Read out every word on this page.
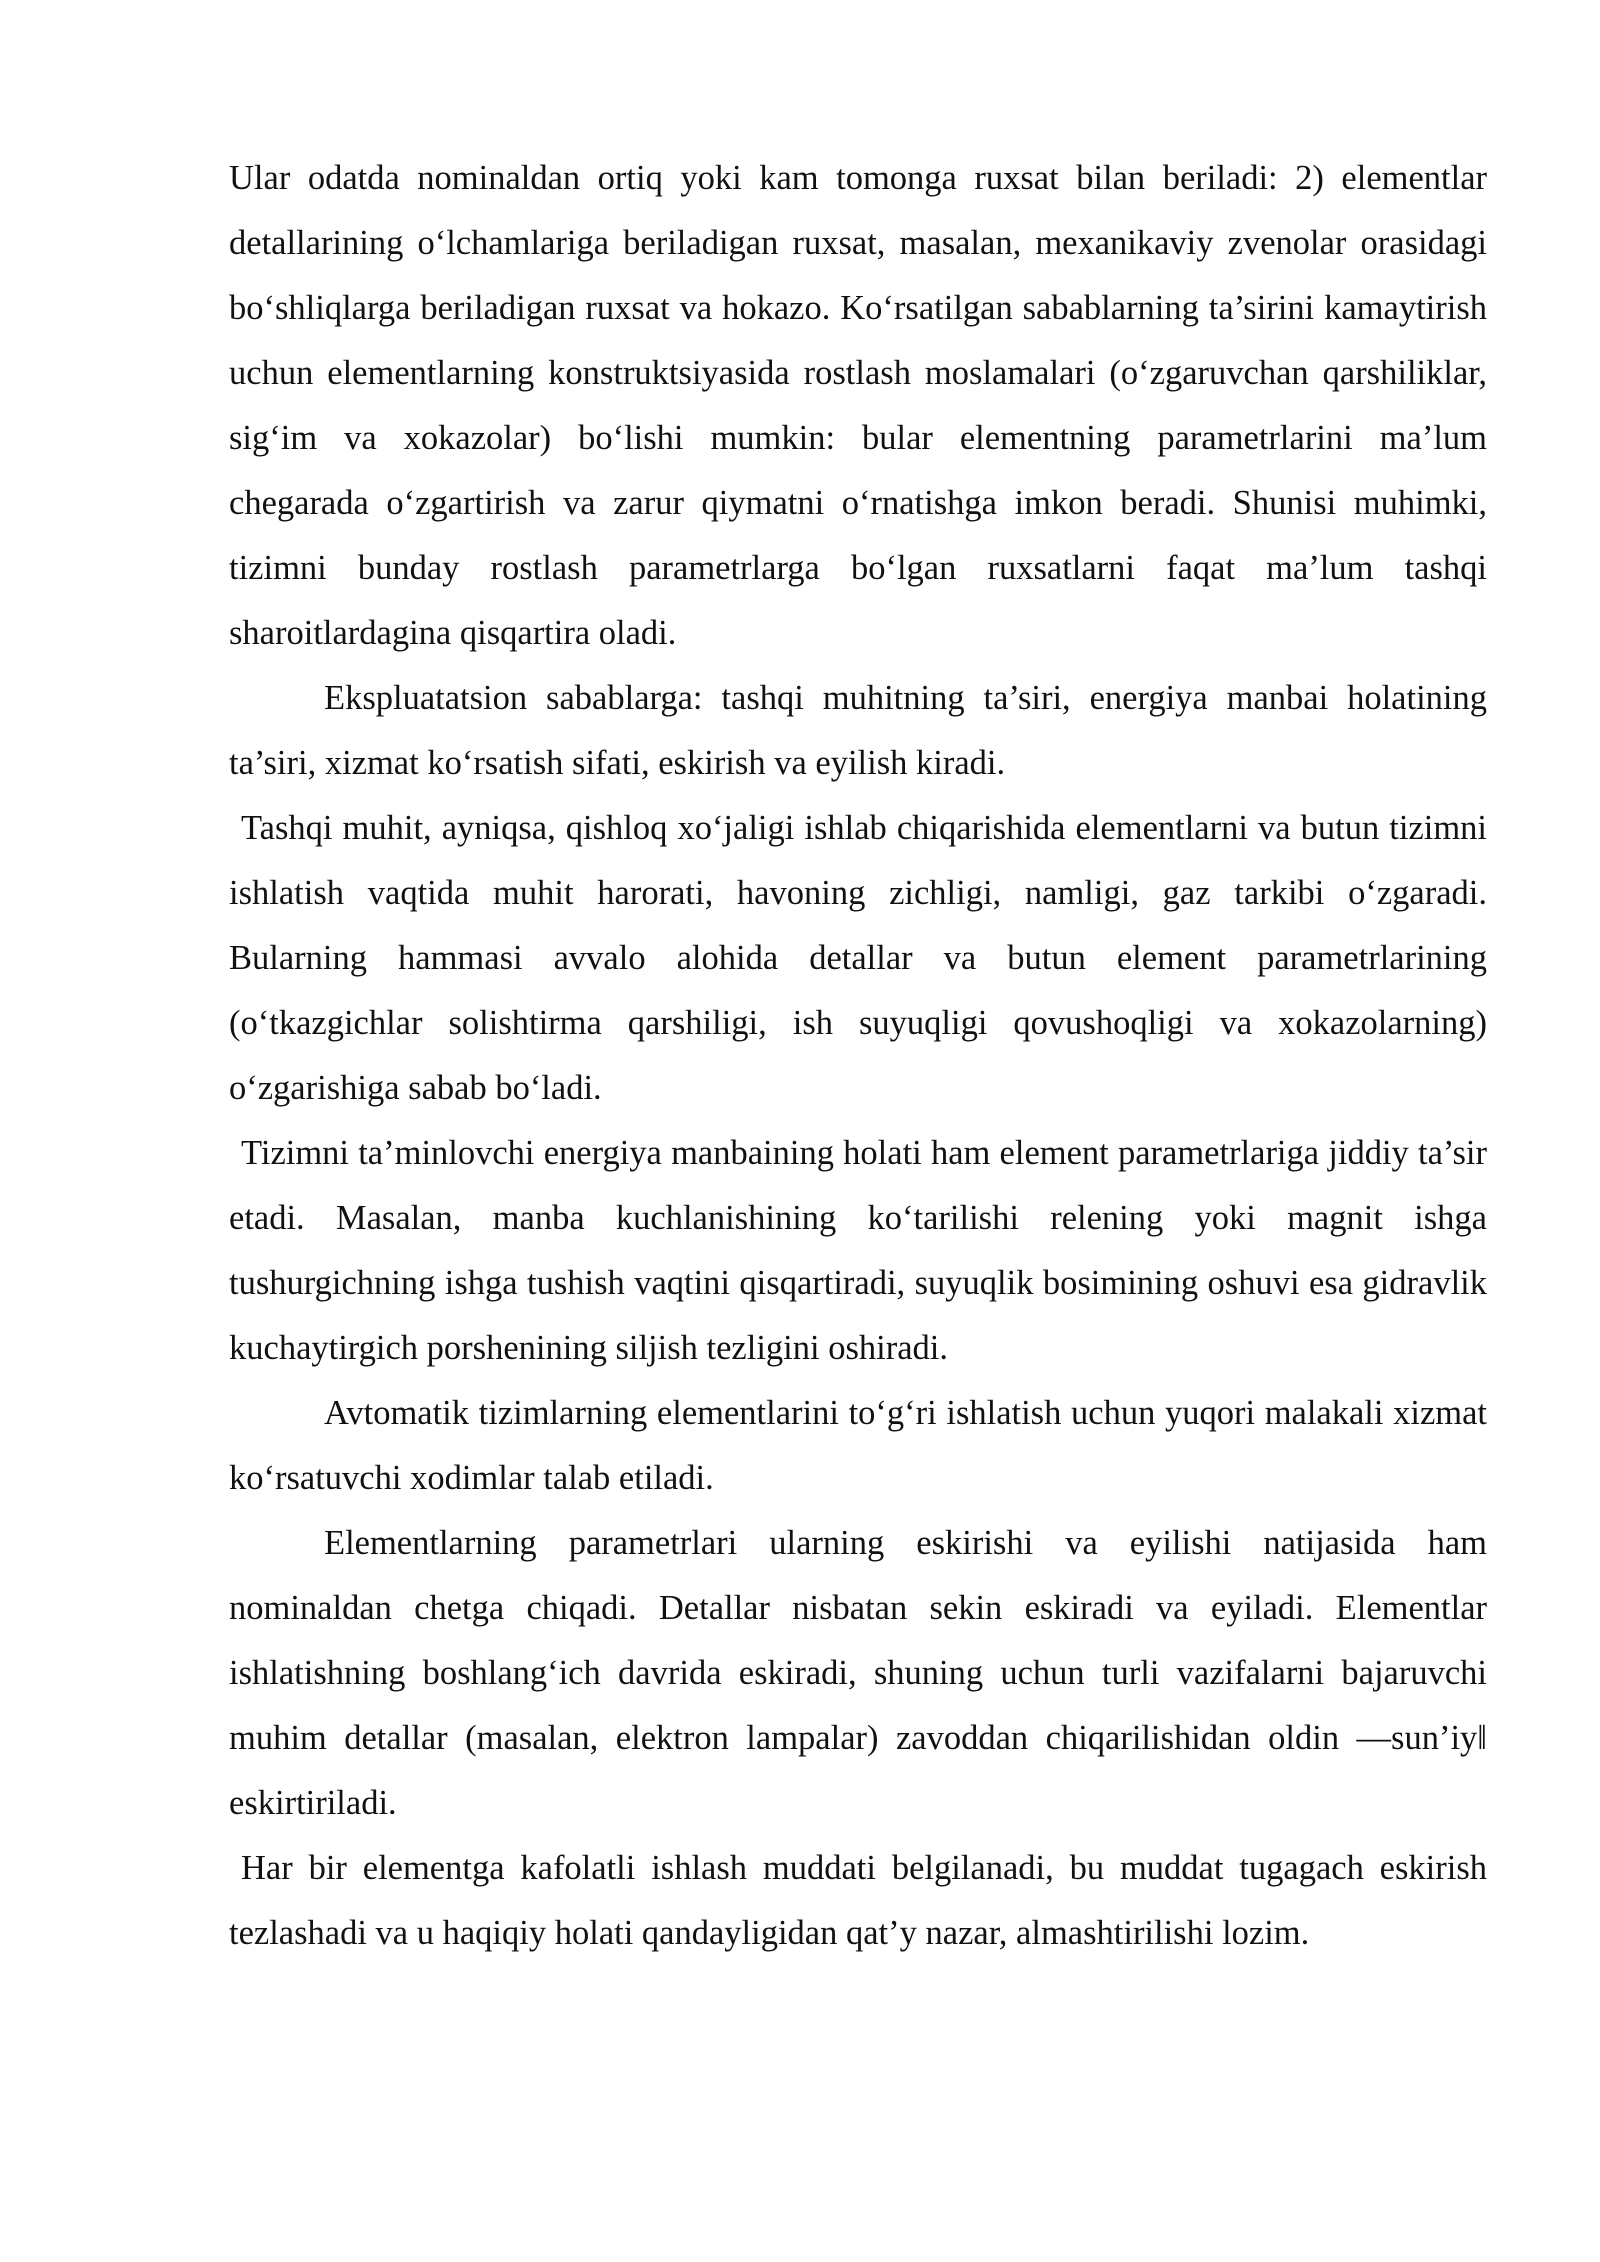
Ular odatda nominaldan ortiq yoki kam tomonga ruxsat bilan beriladi: 2) elementlar detallarining oʻlchamlariga beriladigan ruxsat, masalan, mexanikaviy zvenolar orasidagi boʻshliqlarga beriladigan ruxsat va hokazo. Koʻrsatilgan sabablarning ta’sirini kamaytirish uchun elementlarning konstruktsiyasida rostlash moslamalari (oʻzgaruvchan qarshiliklar, sigʻim va xokazolar) boʻlishi mumkin: bular elementning parametrlarini ma’lum chegarada oʻzgartirish va zarur qiymatni oʻrnatishga imkon beradi. Shunisi muhimki, tizimni bunday rostlash parametrlarga boʻlgan ruxsatlarni faqat ma’lum tashqi sharoitlardagina qisqartira oladi.

Ekspluatatsion sabablarga: tashqi muhitning ta’siri, energiya manbai holatining ta’siri, xizmat koʻrsatish sifati, eskirish va eyilish kiradi.

Tashqi muhit, ayniqsa, qishloq xoʻjaligi ishlab chiqarishida elementlarni va butun tizimni ishlatish vaqtida muhit harorati, havoning zichligi, namligi, gaz tarkibi oʻzgaradi. Bularning hammasi avvalo alohida detallar va butun element parametrlarining (oʻtkazgichlar solishtirma qarshiligi, ish suyuqligi qovushoqligi va xokazolarning) oʻzgarishiga sabab boʻladi.

Tizimni ta’minlovchi energiya manbaining holati ham element parametrlariga jiddiy ta’sir etadi. Masalan, manba kuchlanishining koʻtarilishi relening yoki magnit ishga tushurgichning ishga tushish vaqtini qisqartiradi, suyuqlik bosimining oshuvi esa gidravlik kuchaytirgich porshenining siljish tezligini oshiradi.

Avtomatik tizimlarning elementlarini toʻgʻri ishlatish uchun yuqori malakali xizmat koʻrsatuvchi xodimlar talab etiladi.

Elementlarning parametrlari ularning eskirishi va eyilishi natijasida ham nominaldan chetga chiqadi. Detallar nisbatan sekin eskiradi va eyiladi. Elementlar ishlatishning boshlangʻich davrida eskiradi, shuning uchun turli vazifalarni bajaruvchi muhim detallar (masalan, elektron lampalar) zavoddan chiqarilishidan oldin ―sun’iy‖ eskirtiriladi.

Har bir elementga kafolatli ishlash muddati belgilanadi, bu muddat tugagach eskirish tezlashadi va u haqiqiy holati qandayligidan qat’y nazar, almashtirilishi lozim.
